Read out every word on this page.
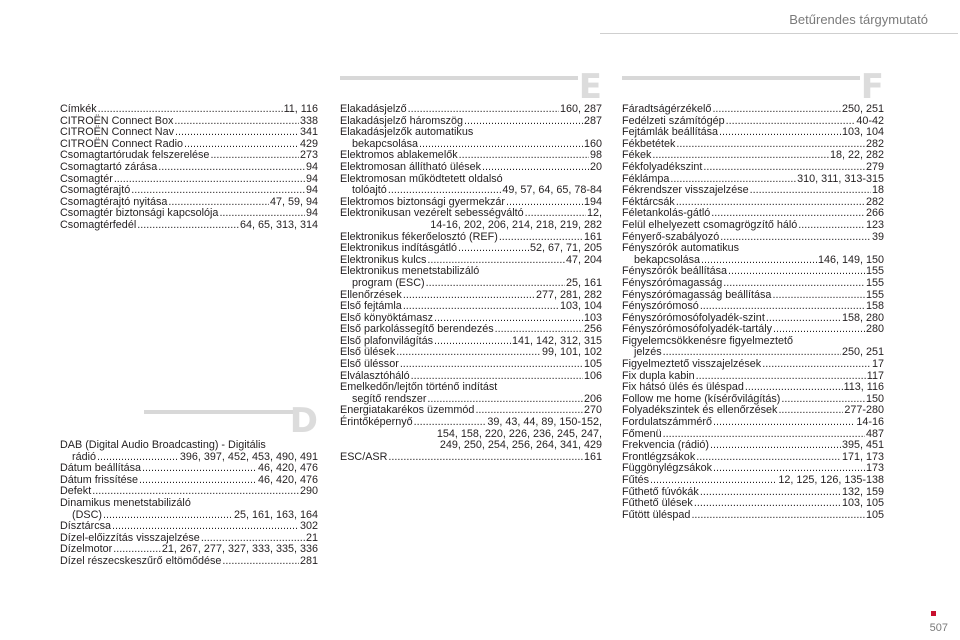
Betűrendes tárgymutató
Címkék .....	11, 116
CITROËN Connect Box .....	338
CITROËN Connect Nav .....	341
CITROËN Connect Radio .....	429
Csomagtartórudak felszerelése .....	273
Csomagtartó zárása .....	94
Csomagtér .....	94
Csomagtérajtó .....	94
Csomagtérajtó nyitása .....	47, 59, 94
Csomagtér biztonsági kapcsolója .....	94
Csomagtérfedél .....	64, 65, 313, 314
D
DAB (Digital Audio Broadcasting) - Digitális
rádió .....	396, 397, 452, 453, 490, 491
Dátum beállítása .....	46, 420, 476
Dátum frissítése .....	46, 420, 476
Defekt .....	290
Dinamikus menetstabilizáló
(DSC) .....	25, 161, 163, 164
Dísztárcsa .....	302
Dízel-előizzítás visszajelzése .....	21
Dízelmotor .....	21, 267, 277, 327, 333, 335, 336
Dízel részecskeszűrő eltömődése .....	281
E
Elakadásjelző .....	160, 287
Elakadásjelző háromszög .....	287
Elakadásjelzők automatikus
bekapcsolása .....	160
Elektromos ablakemelők .....	98
Elektromosan állítható ülések .....	20
Elektromosan működtetett oldalsó
tolóajtó .....	49, 57, 64, 65, 78-84
Elektromos biztonsági gyermekzár .....	194
Elektronikusan vezérelt sebességváltó .....	12,
14-16, 202, 206, 214, 218, 219, 282
Elektronikus fékerőelosztó (REF) .....	161
Elektronikus indításgátló .....	52, 67, 71, 205
Elektronikus kulcs .....	47, 204
Elektronikus menetstabilizáló
program (ESC) .....	25, 161
Ellenőrzések .....	277, 281, 282
Első fejtámla .....	103, 104
Első könyöktámasz .....	103
Első parkolássegítő berendezés .....	256
Első plafonvilágítás .....	141, 142, 312, 315
Első ülések .....	99, 101, 102
Első üléssor .....	105
Elválasztóháló .....	106
Emelkedőn/lejtőn történő indítást
segítő rendszer .....	206
Energiatakarékos üzemmód .....	270
Érintőképernyő .....	39, 43, 44, 89, 150-152,
154, 158, 220, 226, 236, 245, 247,
249, 250, 254, 256, 264, 341, 429
ESC/ASR .....	161
F
Fáradtságérzékelő .....	250, 251
Fedélzeti számítógép .....	40-42
Fejtámlák beállítása .....	103, 104
Fékbetétek .....	282
Fékek .....	18, 22, 282
Fékfolyadékszint .....	279
Féklámpa .....	310, 311, 313-315
Fékrendszer visszajelzése .....	18
Féktárcsák .....	282
Féletankolás-gátló .....	266
Felül elhelyezett csomagrögzítő háló .....	123
Fényerő-szabályozó .....	39
Fényszórók automatikus
bekapcsolása .....	146, 149, 150
Fényszórók beállítása .....	155
Fényszórómagasság .....	155
Fényszórómagasság beállítása .....	155
Fényszórómosó .....	158
Fényszórómosófolyadék-szint .....	158, 280
Fényszórómosófolyadék-tartály .....	280
Figyelemcsökkenésre figyelmeztető
jelzés .....	250, 251
Figyelmeztető visszajelzések .....	17
Fix dupla kabin .....	117
Fix hátsó ülés és üléspad .....	113, 116
Follow me home (kísérővilágítás) .....	150
Folyadékszintek és ellenőrzések .....	277-280
Fordulatszámmérő .....	14-16
Főmenü .....	487
Frekvencia (rádió) .....	395, 451
Frontlégzsákok .....	171, 173
Függönylégzsákok .....	173
Fűtés .....	12, 125, 126, 135-138
Fűthető fúvókák .....	132, 159
Fűthető ülések .....	103, 105
Fűtött üléspad .....	105
507
